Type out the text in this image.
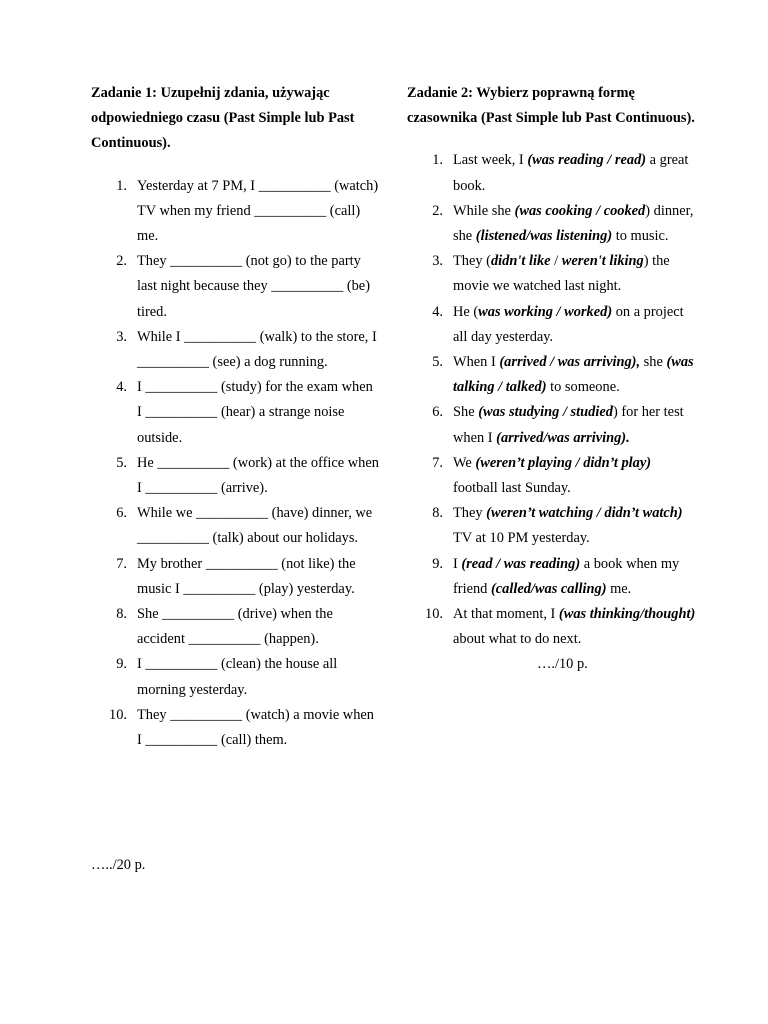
Zadanie 1: Uzupełnij zdania, używając odpowiedniego czasu (Past Simple lub Past Continuous).

1. Yesterday at 7 PM, I __________ (watch) TV when my friend __________ (call) me.
2. They __________ (not go) to the party last night because they __________ (be) tired.
3. While I __________ (walk) to the store, I __________ (see) a dog running.
4. I __________ (study) for the exam when I __________ (hear) a strange noise outside.
5. He __________ (work) at the office when I __________ (arrive).
6. While we __________ (have) dinner, we __________ (talk) about our holidays.
7. My brother __________ (not like) the music I __________ (play) yesterday.
8. She __________ (drive) when the accident __________ (happen).
9. I __________ (clean) the house all morning yesterday.
10. They __________ (watch) a movie when I __________ (call) them.

Zadanie 2: Wybierz poprawną formę czasownika (Past Simple lub Past Continuous).

1. Last week, I (was reading / read) a great book.
2. While she (was cooking / cooked) dinner, she (listened/was listening) to music.
3. They (didn't like / weren't liking) the movie we watched last night.
4. He (was working / worked) on a project all day yesterday.
5. When I (arrived / was arriving), she (was talking / talked) to someone.
6. She (was studying / studied) for her test when I (arrived/was arriving).
7. We (weren’t playing / didn’t play) football last Sunday.
8. They (weren’t watching / didn’t watch) TV at 10 PM yesterday.
9. I (read / was reading) a book when my friend (called/was calling) me.
10. At that moment, I (was thinking/thought) about what to do next.…./10 p.
…../20 p.
